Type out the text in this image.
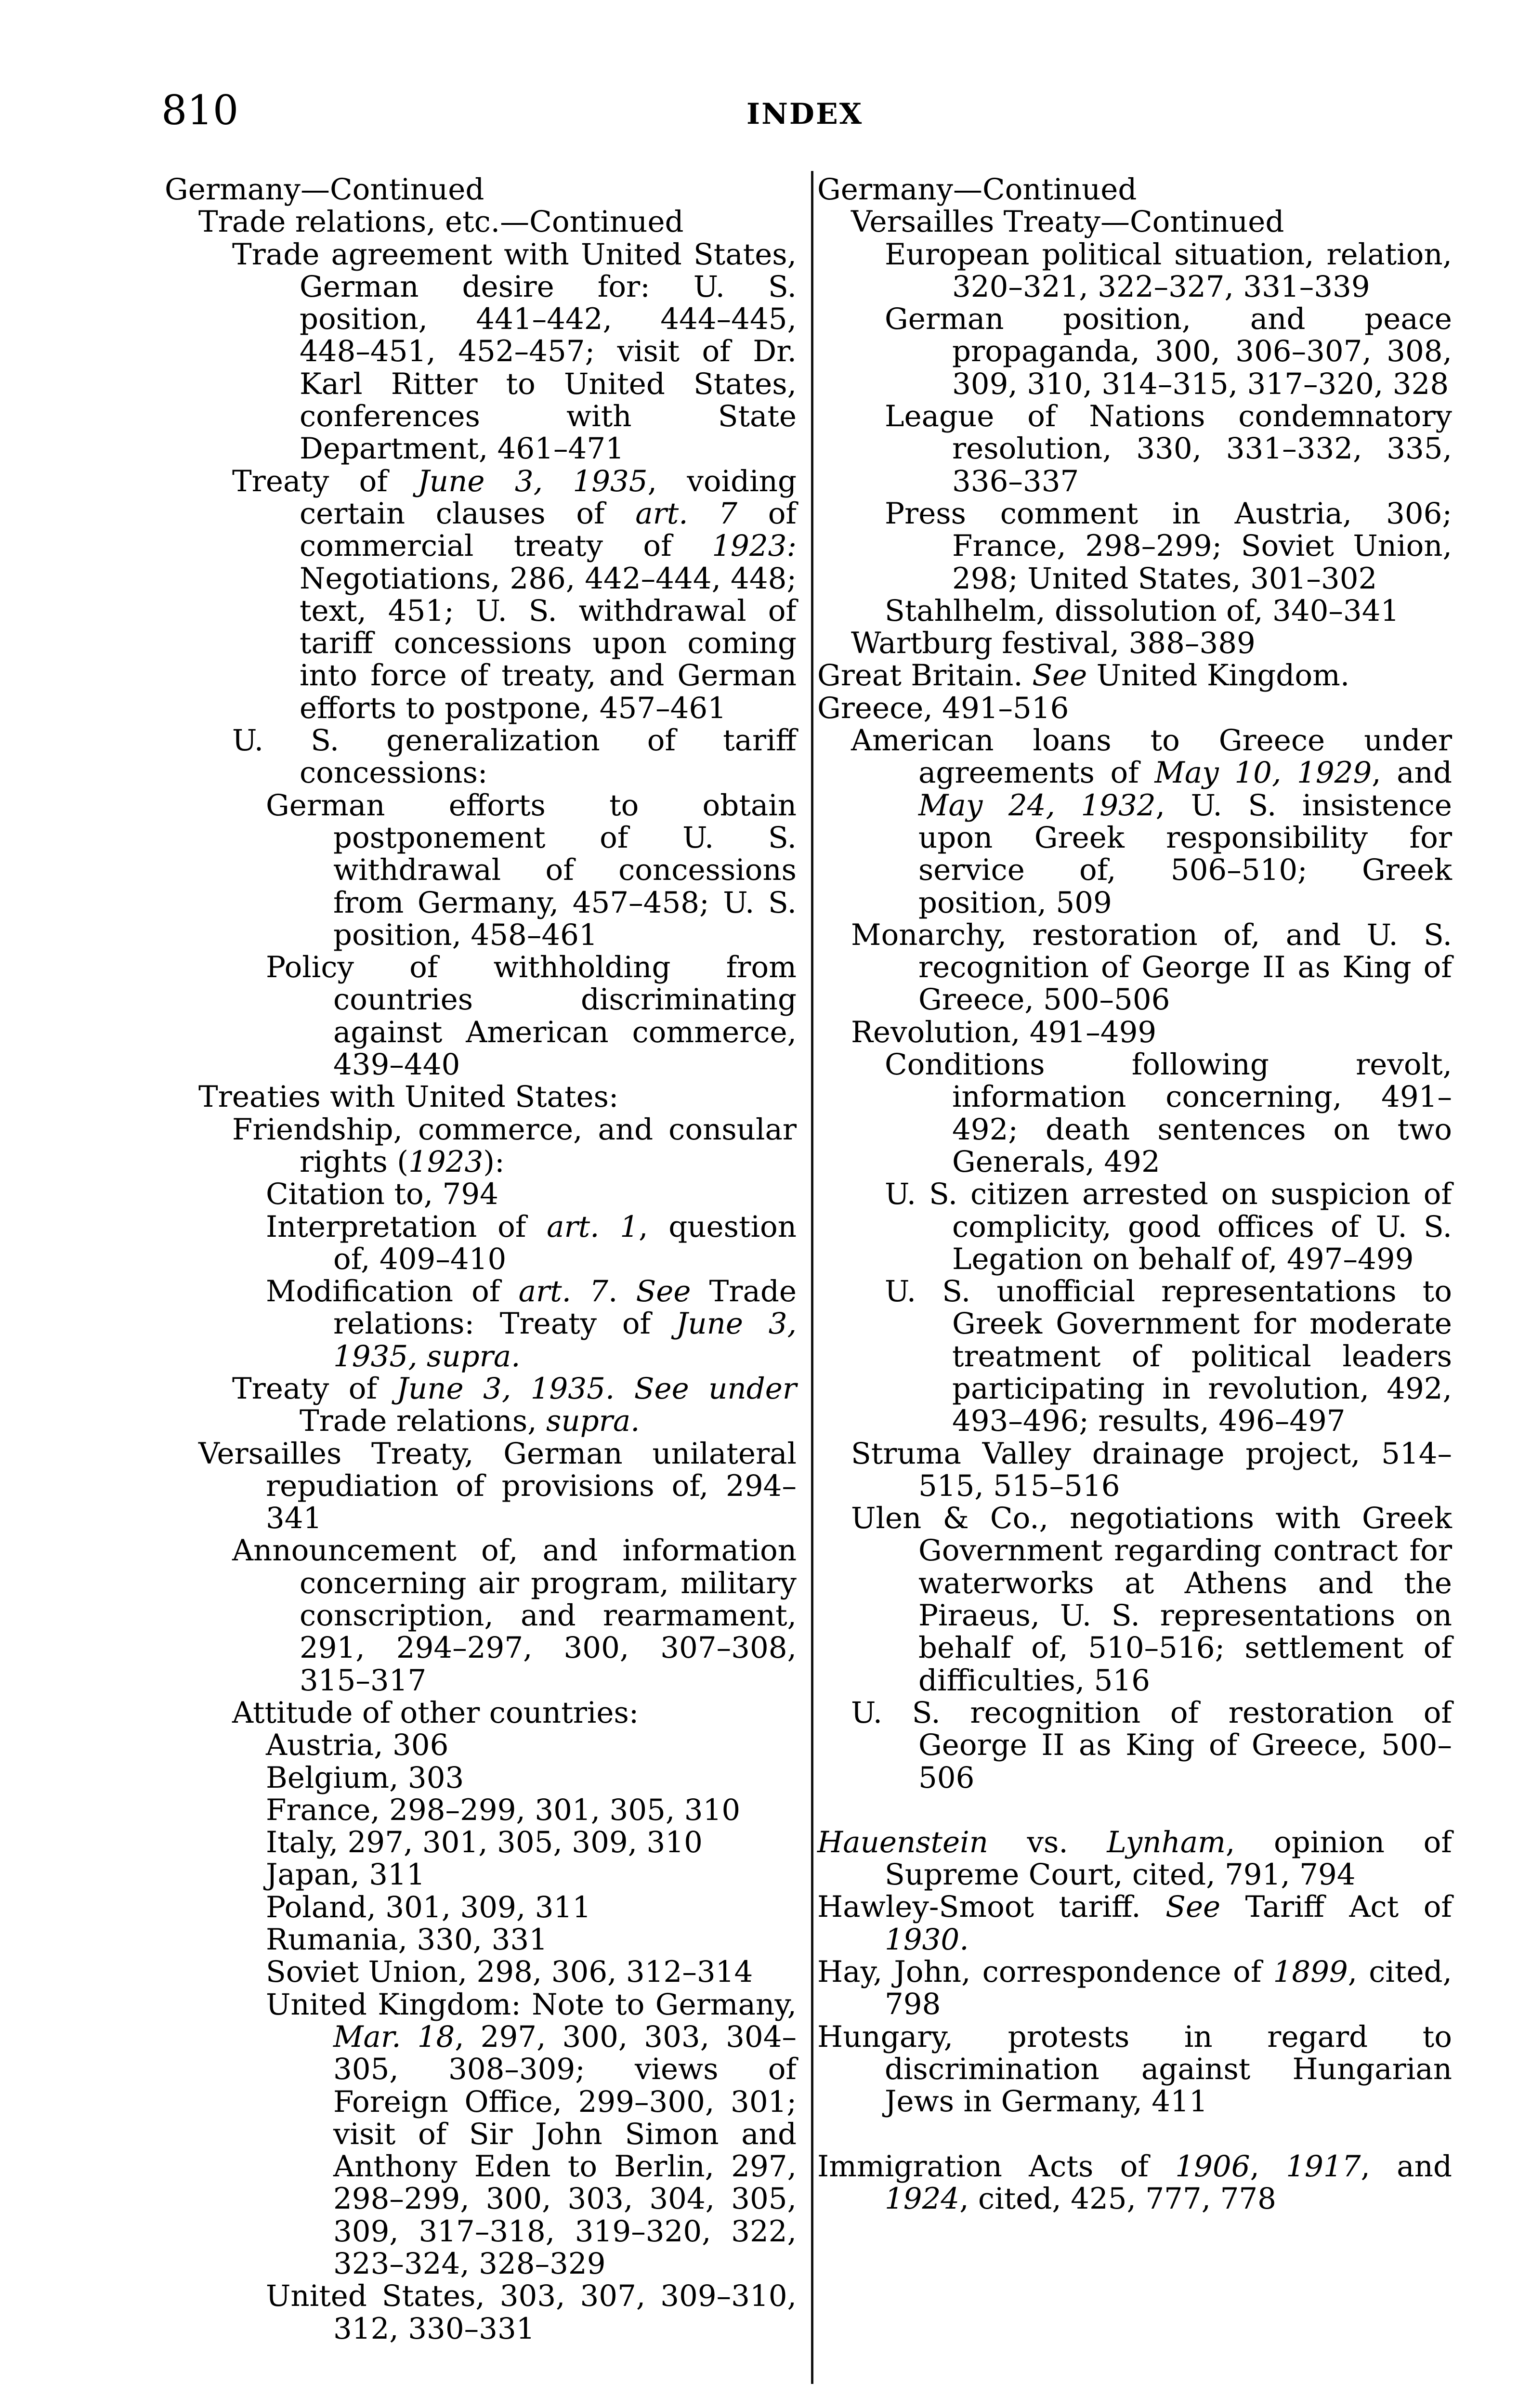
810	INDEX
Germany—Continued
Trade relations, etc.—Continued
Trade agreement with United States, German desire for: U. S. position, 441–442, 444–445, 448–451, 452–457; visit of Dr. Karl Ritter to United States, conferences with State Department, 461–471
Treaty of June 3, 1935, voiding certain clauses of art. 7 of commercial treaty of 1923: Negotiations, 286, 442–444, 448; text, 451; U. S. withdrawal of tariff concessions upon coming into force of treaty, and German efforts to postpone, 457–461
U. S. generalization of tariff concessions:
German efforts to obtain postponement of U. S. withdrawal of concessions from Germany, 457–458; U. S. position, 458–461
Policy of withholding from countries discriminating against American commerce, 439–440
Treaties with United States:
Friendship, commerce, and consular rights (1923):
Citation to, 794
Interpretation of art. 1, question of, 409–410
Modification of art. 7. See Trade relations: Treaty of June 3, 1935, supra.
Treaty of June 3, 1935. See under Trade relations, supra.
Versailles Treaty, German unilateral repudiation of provisions of, 294–341
Announcement of, and information concerning air program, military conscription, and rearmament, 291, 294–297, 300, 307–308, 315–317
Attitude of other countries:
Austria, 306
Belgium, 303
France, 298–299, 301, 305, 310
Italy, 297, 301, 305, 309, 310
Japan, 311
Poland, 301, 309, 311
Rumania, 330, 331
Soviet Union, 298, 306, 312–314
United Kingdom: Note to Germany, Mar. 18, 297, 300, 303, 304–305, 308–309; views of Foreign Office, 299–300, 301; visit of Sir John Simon and Anthony Eden to Berlin, 297, 298–299, 300, 303, 304, 305, 309, 317–318, 319–320, 322, 323–324, 328–329
United States, 303, 307, 309–310, 312, 330–331
Germany—Continued
Versailles Treaty—Continued
European political situation, relation, 320–321, 322–327, 331–339
German position, and peace propaganda, 300, 306–307, 308, 309, 310, 314–315, 317–320, 328
League of Nations condemnatory resolution, 330, 331–332, 335, 336–337
Press comment in Austria, 306; France, 298–299; Soviet Union, 298; United States, 301–302
Stahlhelm, dissolution of, 340–341
Wartburg festival, 388–389
Great Britain. See United Kingdom.
Greece, 491–516
American loans to Greece under agreements of May 10, 1929, and May 24, 1932, U. S. insistence upon Greek responsibility for service of, 506–510; Greek position, 509
Monarchy, restoration of, and U. S. recognition of George II as King of Greece, 500–506
Revolution, 491–499
Conditions following revolt, information concerning, 491–492; death sentences on two Generals, 492
U. S. citizen arrested on suspicion of complicity, good offices of U. S. Legation on behalf of, 497–499
U. S. unofficial representations to Greek Government for moderate treatment of political leaders participating in revolution, 492, 493–496; results, 496–497
Struma Valley drainage project, 514–515, 515–516
Ulen & Co., negotiations with Greek Government regarding contract for waterworks at Athens and the Piraeus, U. S. representations on behalf of, 510–516; settlement of difficulties, 516
U. S. recognition of restoration of George II as King of Greece, 500–506
Hauenstein vs. Lynham, opinion of Supreme Court, cited, 791, 794
Hawley-Smoot tariff. See Tariff Act of 1930.
Hay, John, correspondence of 1899, cited, 798
Hungary, protests in regard to discrimination against Hungarian Jews in Germany, 411
Immigration Acts of 1906, 1917, and 1924, cited, 425, 777, 778
